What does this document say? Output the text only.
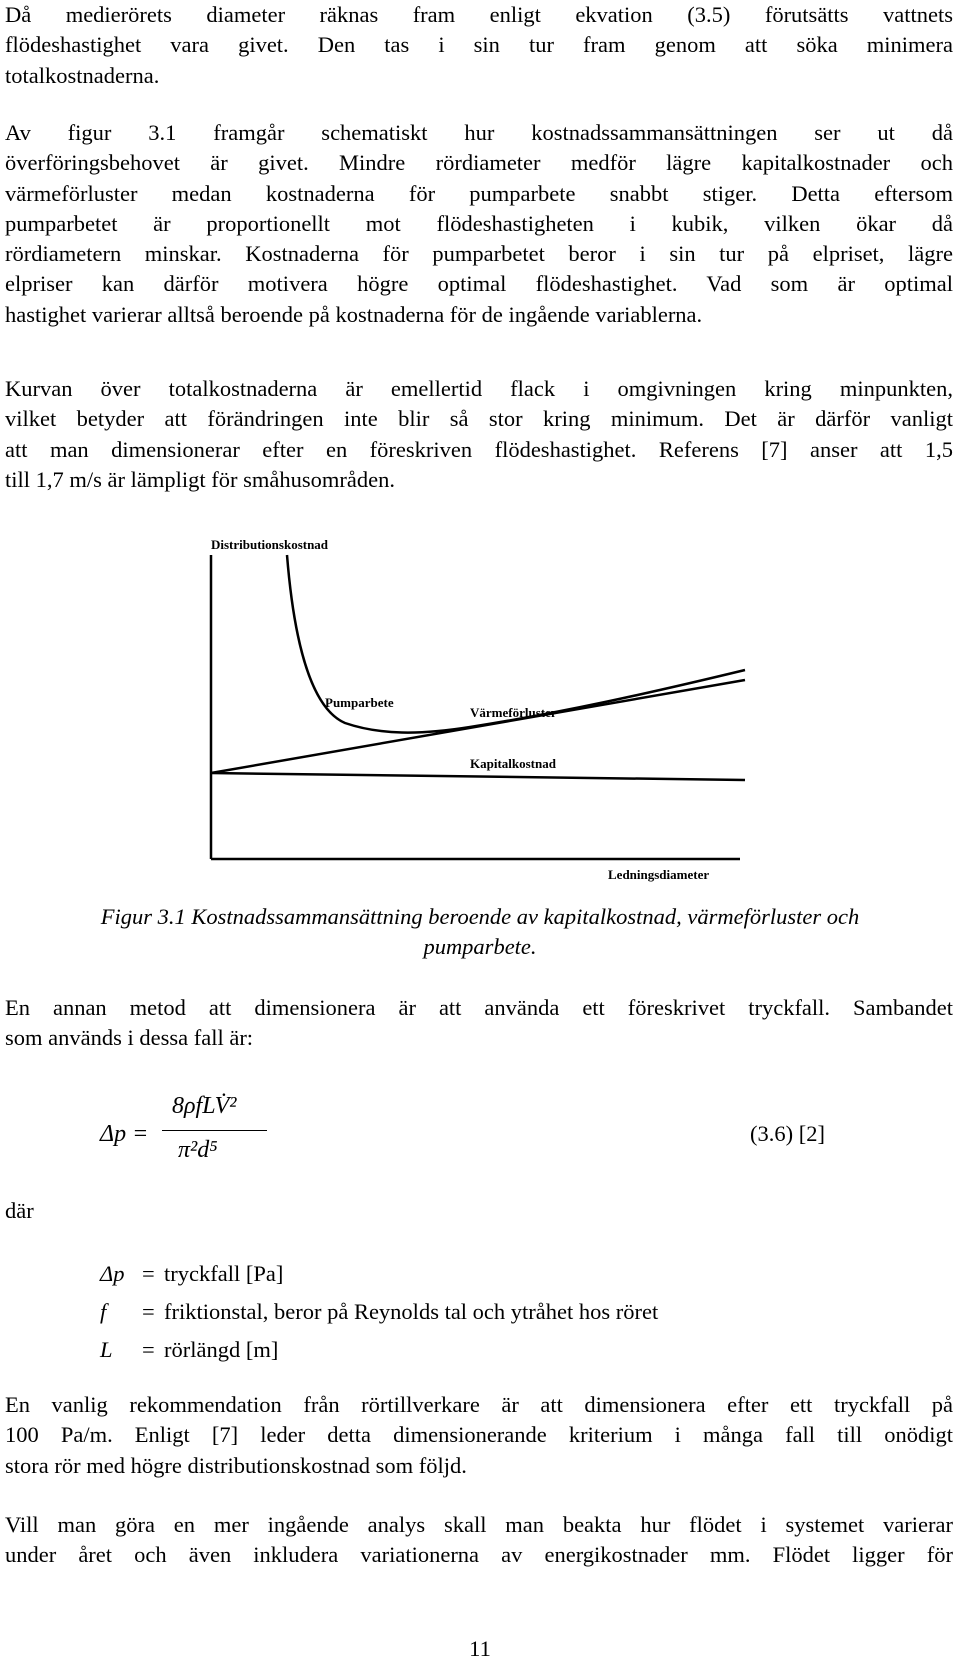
Då medierörets diameter räknas fram enligt ekvation (3.5) förutsätts vattnets
flödeshastighet vara givet. Den tas i sin tur fram genom att söka minimera
totalkostnaderna.
Av figur 3.1 framgår schematiskt hur kostnadssammansättningen ser ut då
överföringsbehovet är givet. Mindre rördiameter medför lägre kapitalkostnader och
värmeförluster medan kostnaderna för pumparbete snabbt stiger. Detta eftersom
pumparbetet är proportionellt mot flödeshastigheten i kubik, vilken ökar då
rördiametern minskar. Kostnaderna för pumparbetet beror i sin tur på elpriset, lägre
elpriser kan därför motivera högre optimal flödeshastighet. Vad som är optimal
hastighet varierar alltså beroende på kostnaderna för de ingående variablerna.
Kurvan över totalkostnaderna är emellertid flack i omgivningen kring minpunkten,
vilket betyder att förändringen inte blir så stor kring minimum. Det är därför vanligt
att man dimensionerar efter en föreskriven flödeshastighet. Referens [7] anser att 1,5
till 1,7 m/s är lämpligt för småhusområden.
Distributionskostnad
Pumparbete
Värmeförluster
Kapitalkostnad
Ledningsdiameter
Figur 3.1 Kostnadssammansättning beroende av kapitalkostnad, värmeförluster och
pumparbete.
En annan metod att dimensionera är att använda ett föreskrivet tryckfall. Sambandet
som används i dessa fall är:
Δp =
8ρfLV̇²
π²d⁵
(3.6) [2]
där
Δp = tryckfall [Pa]
f	= friktionstal, beror på Reynolds tal och ytråhet hos röret
L	= rörlängd [m]
En vanlig rekommendation från rörtillverkare är att dimensionera efter ett tryckfall på
100 Pa/m. Enligt [7] leder detta dimensionerande kriterium i många fall till onödigt
stora rör med högre distributionskostnad som följd.
Vill man göra en mer ingående analys skall man beakta hur flödet i systemet varierar
under året och även inkludera variationerna av energikostnader mm. Flödet ligger för
11
